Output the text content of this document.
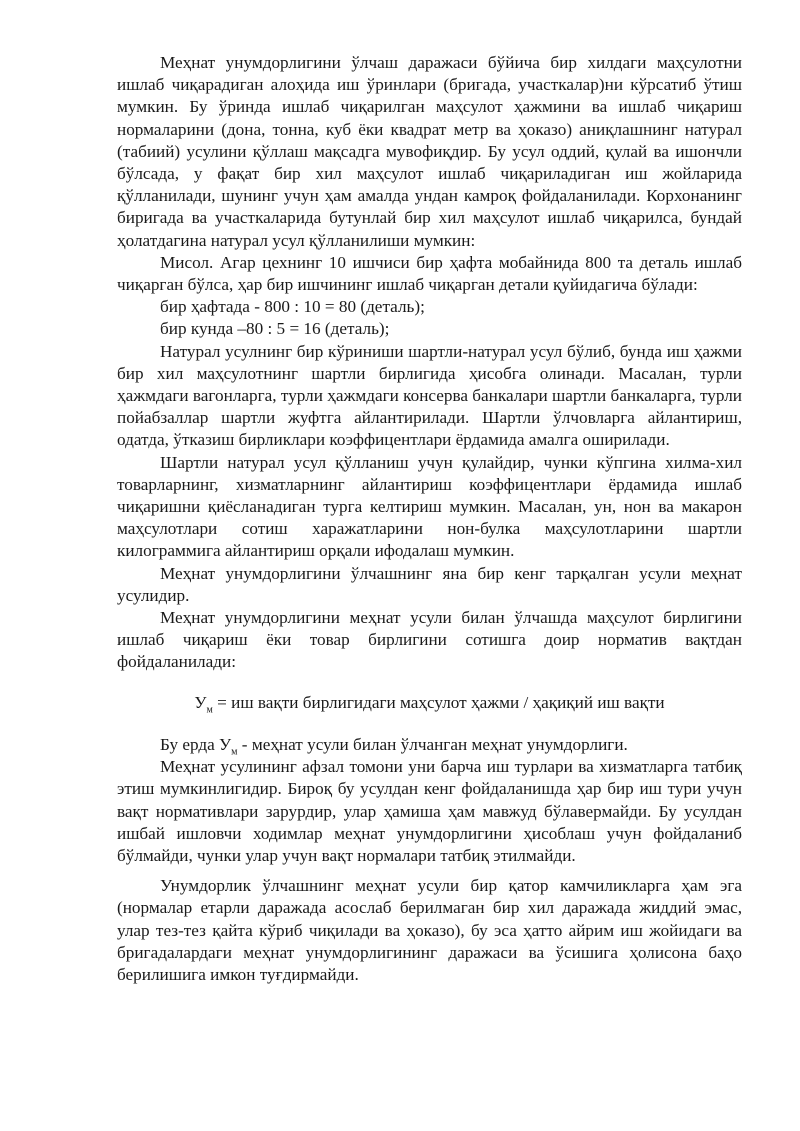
Меҳнат унумдорлигини ўлчаш даражаси бўйича бир хилдаги маҳсулотни ишлаб чиқарадиган алоҳида иш ўринлари (бригада, участкалар)ни кўрсатиб ўтиш мумкин. Бу ўринда ишлаб чиқарилган маҳсулот ҳажмини ва ишлаб чиқариш нормаларини (дона, тонна, куб ёки квадрат метр ва ҳоказо) аниқлашнинг натурал (табиий) усулини қўллаш мақсадга мувофиқдир. Бу усул оддий, қулай ва ишончли бўлсада, у фақат бир хил маҳсулот ишлаб чиқариладиган иш жойларида қўлланилади, шунинг учун ҳам амалда ундан камроқ фойдаланилади. Корхонанинг биригада ва участкаларида бутунлай бир хил маҳсулот ишлаб чиқарилса, бундай ҳолатдагина натурал усул қўлланилиши мумкин:

Мисол. Агар цехнинг 10 ишчиси бир ҳафта мобайнида 800 та деталь ишлаб чиқарган бўлса, ҳар бир ишчининг ишлаб чиқарган детали қуйидагича бўлади:

бир ҳафтада - 800 : 10 = 80 (деталь);

бир кунда –80 : 5 = 16 (деталь);

Натурал усулнинг бир кўриниши шартли-натурал усул бўлиб, бунда иш ҳажми бир хил маҳсулотнинг шартли бирлигида ҳисобга олинади. Масалан, турли ҳажмдаги вагонларга, турли ҳажмдаги консерва банкалари шартли банкаларга, турли пойабзаллар шартли жуфтга айлантирилади. Шартли ўлчовларга айлантириш, одатда, ўтказиш бирликлари коэффицентлари ёрдамида амалга оширилади.

Шартли натурал усул қўлланиш учун қулайдир, чунки кўпгина хилма-хил товарларнинг, хизматларнинг айлантириш коэффицентлари ёрдамида ишлаб чиқаришни қиёсланадиган турга келтириш мумкин. Масалан, ун, нон ва макарон маҳсулотлари сотиш харажатларини нон-булка маҳсулотларини шартли килограммига айлантириш орқали ифодалаш мумкин.

Меҳнат унумдорлигини ўлчашнинг яна бир кенг тарқалган усули меҳнат усулидир.

Меҳнат унумдорлигини меҳнат усули билан ўлчашда маҳсулот бирлигини ишлаб чиқариш ёки товар бирлигини сотишга доир норматив вақтдан фойдаланилади:

$У_м$ = иш вақти бирлигидаги маҳсулот ҳажми / ҳақиқий иш вақти

Бу ерда $У_м$ - меҳнат усули билан ўлчанган меҳнат унумдорлиги.

Меҳнат усулининг афзал томони уни барча иш турлари ва хизматларга татбиқ этиш мумкинлигидир. Бироқ бу усулдан кенг фойдаланишда ҳар бир иш тури учун вақт нормативлари зарурдир, улар ҳамиша ҳам мавжуд бўлавермайди. Бу усулдан ишбай ишловчи ходимлар меҳнат унумдорлигини ҳисоблаш учун фойдаланиб бўлмайди, чунки улар учун вақт нормалари татбиқ этилмайди.

Унумдорлик ўлчашнинг меҳнат усули бир қатор камчиликларга ҳам эга (нормалар етарли даражада асослаб берилмаган бир хил даражада жиддий эмас, улар тез-тез қайта кўриб чиқилади ва ҳоказо), бу эса ҳатто айрим иш жойидаги ва бригадалардаги меҳнат унумдорлигининг даражаси ва ўсишига ҳолисона баҳо берилишига имкон туғдирмайди.
